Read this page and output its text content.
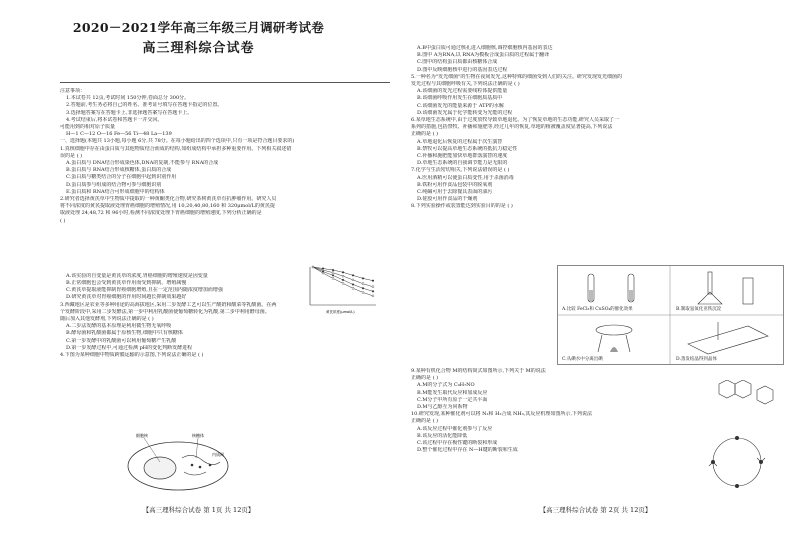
2020－2021学年高三年级三月调研考试卷
高三理科综合试卷
注意事项：
1.本试卷共 12页,考试时间 150分钟,卷面总分 300分。
2.答题前,考生务必将自己的姓名、准考证号填写在答题卡指定的位置。
3.选择题答案写在答题卡上,非选择题答案写在答题卡上。
4.考试结束后,将本试卷和答题卡一并交回。
可能用到的相对原子质量
H—1 C—12 O—16 Fe—56 Ti—48 La—139
一、选择题(本题共 13小题,每小题 6分,共 78分。在每小题给出的四个选项中,只有一项是符合题目要求的)
1.真核细胞中存在由蛋白质与其他物质结合而成的结构,如组成结构中承担多种重要作用。下列相关叙述错
误的是 ( )
A.蛋白质与 DNA结合形成染色体,DNA的复制,不能参与 RNA的合成
B.蛋白质与 RNA结合形成核糖体,蛋白质的合成
C.蛋白质与糖类结合的分子在细胞中起到识别作用
D.蛋白质参与组成的结合物可参与细胞识别
E.蛋白质和 RNA结合可形成细胞中的结构体
2.研究者选择黄芪草中生物质中提取的一种黄酮类化合物,研究茶树黄芪草有抗肿瘤作用。研究人员
将不同浓度的黄芪提取液处理胃癌细胞的增殖情况,用 10,20,40,80,160 和 320μmol/L的黄芪提
取液处理 24,48,72 和 96小时,检测不同浓度处理下胃癌细胞的增殖速度,下列分析正确的是
( )
A.该实验的自变量是黄芪草的浓度,胃癌细胞的增殖速度是因变量
B.正常细胞也会受到黄芪草作用而受到抑制、增殖减慢
C.黄芪草提取液能抑制胃癌细胞增殖,且在一定范围内随浓度增加而增强
D.研究黄芪草对胃癌细胞的作用时间越长抑制效果越好
3.西藏地区是农业等多种用途的高海拔地区,采用二步发酵工艺可以生产酸奶和酸菜等乳酸菌。在两
个发酵阶段中,采用二步发酵法,第一步中利用乳酸菌使葡萄糖转化为乳酸,第二步中利用酵母菌。
随后加入其他发酵剂,下列说法正确的是 ( )
A.二步法发酵的基本原理是利用微生物无氧呼吸
B.酵母菌和乳酸菌都属于原核生物,细胞中只有核糖体
C.第一步发酵中的乳酸菌可以利用葡萄糖产生乳酸
D.第一步发酵过程中,可通过检测 pH的变化判断发酵进程
4.下图为某种细胞中物质跨膜运输的示意图,下列说法正确的是 ( )
黄芪浓度(μmol/L)
细胞核	核糖体
内质网
【高三理科综合试卷 第 1页 共 12页】
A.B中蛋白质可通过核孔进入细胞核,调控细胞核内基因的表达
B.图中 A为RNA,以 RNA为模板合成蛋白质的过程属于翻译
C.图中的结构蛋白质都由核糖体合成
D.图中反映细胞核中进行的基因表达过程
5.一种名为"发光细菌"的生物在夜间发光,这种特殊的细菌受到人们的关注。研究发现发光细菌的
发光过程与其细胞呼吸有关,下列说法正确的是 ( )
A.该细菌的发光过程需要线粒体提供能量
B.该细菌呼吸作用发生在细胞质基质中
C.该细菌发光的能量来源于 ATP的水解
D.该细菌发光属于化学能转变为光能的过程
6.某草地生态系统中,由于过度放牧导致草地退化。为了恢复草地的生态功能,研究人员采取了一
系列的措施,包括禁牧、补播和施肥等,经过几年的恢复,草地的植被覆盖度显著提高,下列说法
正确的是 ( )
A.草地退化后恢复的过程属于次生演替
B.禁牧可以提高草地生态系统的抵抗力稳定性
C.补播和施肥能加快草地群落演替的速度
D.草地生态系统的自我调节能力是无限的
7.化学与生活密切相关,下列说法错误的是 ( )
A.医用酒精可以使蛋白质变性,用于杀菌消毒
B.铁粉可用作食品包装中的脱氧剂
C.纯碱可用于去除餐具表面的油污
D.硅胶可用作食品的干燥剂
8.下列实验操作或装置能达到实验目的的是 ( )
A.比较 FeCl₃和 CuSO₄的催化效果	B.制取氢氧化亚铁沉淀
C.从碘水中分离出碘	D.蒸发结晶得到晶体
9.某种有机化合物 M的结构简式如图所示,下列关于 M的说法
正确的是 ( )
A.M的分子式为 C₉H₇NO
B.M能发生取代反应和加成反应
C.M分子中所有原子一定共平面
D.M与乙醇互为同系物
10.研究发现,某种催化剂可以将 N₂和 H₂合成 NH₃,其反应机理如图所示,下列说法
正确的是 ( )
A.该反应过程中催化剂参与了反应
B.该反应的活化能降低
C.该过程中存在极性键的断裂和形成
D.整个催化过程中存在 N—H键的断裂和生成
【高三理科综合试卷 第 2页 共 12页】
